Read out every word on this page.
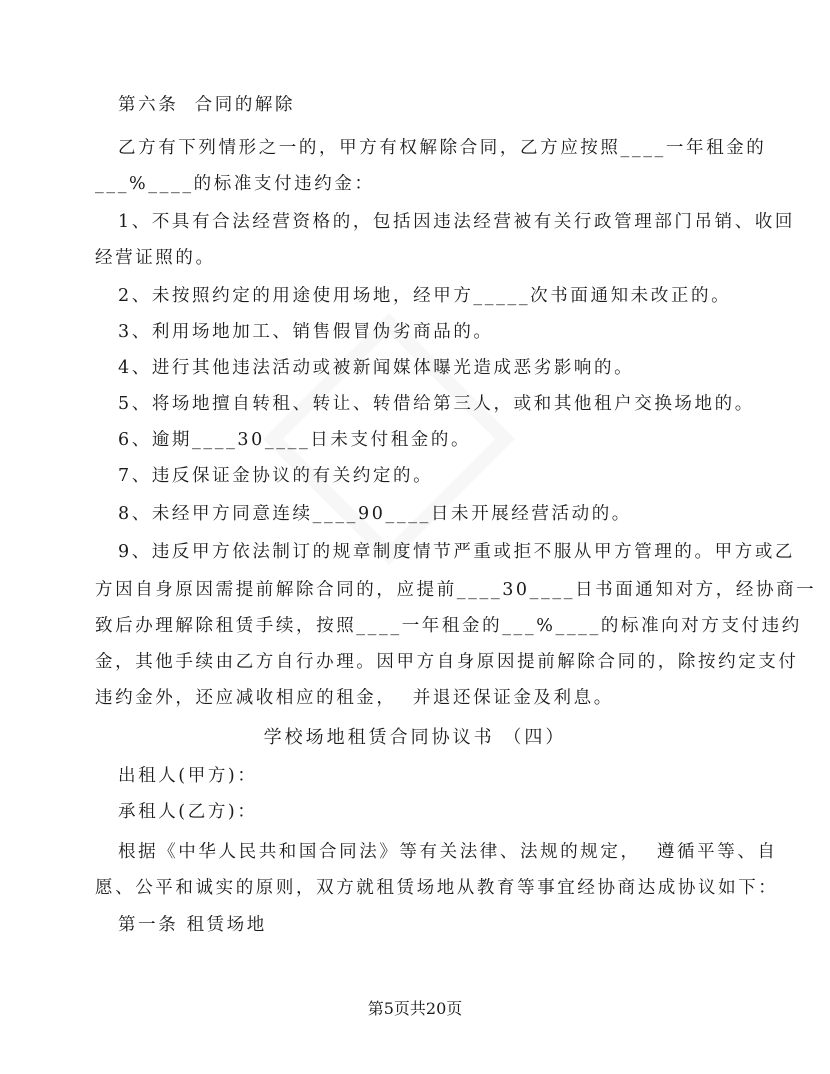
第六条  合同的解除
乙方有下列情形之一的，甲方有权解除合同，乙方应按照____一年租金的
___%____的标准支付违约金：
1、不具有合法经营资格的，包括因违法经营被有关行政管理部门吊销、收回
经营证照的。
2、未按照约定的用途使用场地，经甲方_____次书面通知未改正的。
3、利用场地加工、销售假冒伪劣商品的。
4、进行其他违法活动或被新闻媒体曝光造成恶劣影响的。
5、将场地擅自转租、转让、转借给第三人，或和其他租户交换场地的。
6、逾期____30____日未支付租金的。
7、违反保证金协议的有关约定的。
8、未经甲方同意连续____90____日未开展经营活动的。
9、违反甲方依法制订的规章制度情节严重或拒不服从甲方管理的。甲方或乙
方因自身原因需提前解除合同的，应提前____30____日书面通知对方，经协商一
致后办理解除租赁手续，按照____一年租金的___%____的标准向对方支付违约
金，其他手续由乙方自行办理。因甲方自身原因提前解除合同的，除按约定支付
违约金外，还应减收相应的租金，  并退还保证金及利息。
学校场地租赁合同协议书 （四）
出租人(甲方)：
承租人(乙方)：
根据《中华人民共和国合同法》等有关法律、法规的规定，  遵循平等、自
愿、公平和诚实的原则，双方就租赁场地从教育等事宜经协商达成协议如下：
第一条 租赁场地
第5页共20页
